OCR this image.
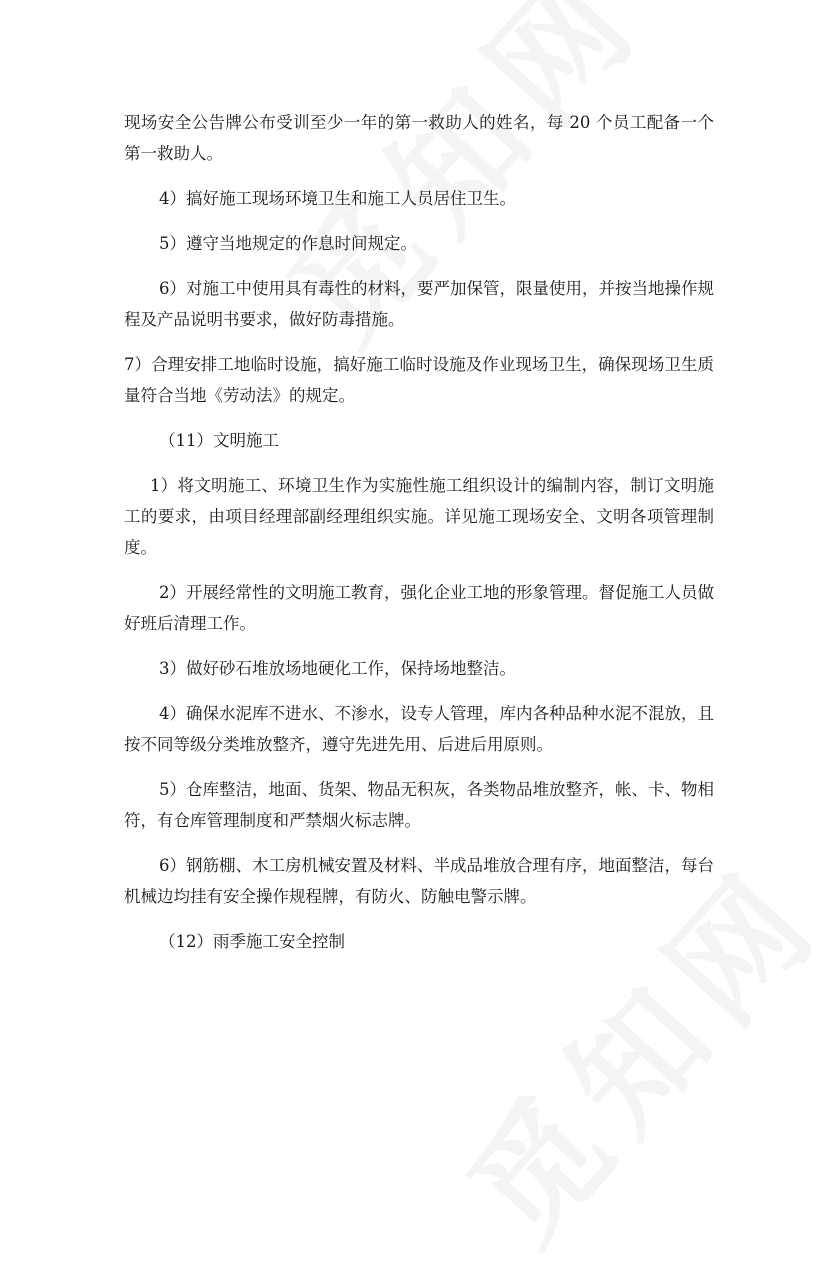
现场安全公告牌公布受训至少一年的第一救助人的姓名，每 20 个员工配备一个第一救助人。

4）搞好施工现场环境卫生和施工人员居住卫生。

5）遵守当地规定的作息时间规定。

6）对施工中使用具有毒性的材料，要严加保管，限量使用，并按当地操作规程及产品说明书要求，做好防毒措施。

7）合理安排工地临时设施，搞好施工临时设施及作业现场卫生，确保现场卫生质量符合当地《劳动法》的规定。

（11）文明施工

1）将文明施工、环境卫生作为实施性施工组织设计的编制内容，制订文明施工的要求，由项目经理部副经理组织实施。详见施工现场安全、文明各项管理制度。

2）开展经常性的文明施工教育，强化企业工地的形象管理。督促施工人员做好班后清理工作。

3）做好砂石堆放场地硬化工作，保持场地整洁。

4）确保水泥库不进水、不渗水，设专人管理，库内各种品种水泥不混放，且按不同等级分类堆放整齐，遵守先进先用、后进后用原则。

5）仓库整洁，地面、货架、物品无积灰，各类物品堆放整齐，帐、卡、物相符，有仓库管理制度和严禁烟火标志牌。

6）钢筋棚、木工房机械安置及材料、半成品堆放合理有序，地面整洁，每台机械边均挂有安全操作规程牌，有防火、防触电警示牌。

（12）雨季施工安全控制
